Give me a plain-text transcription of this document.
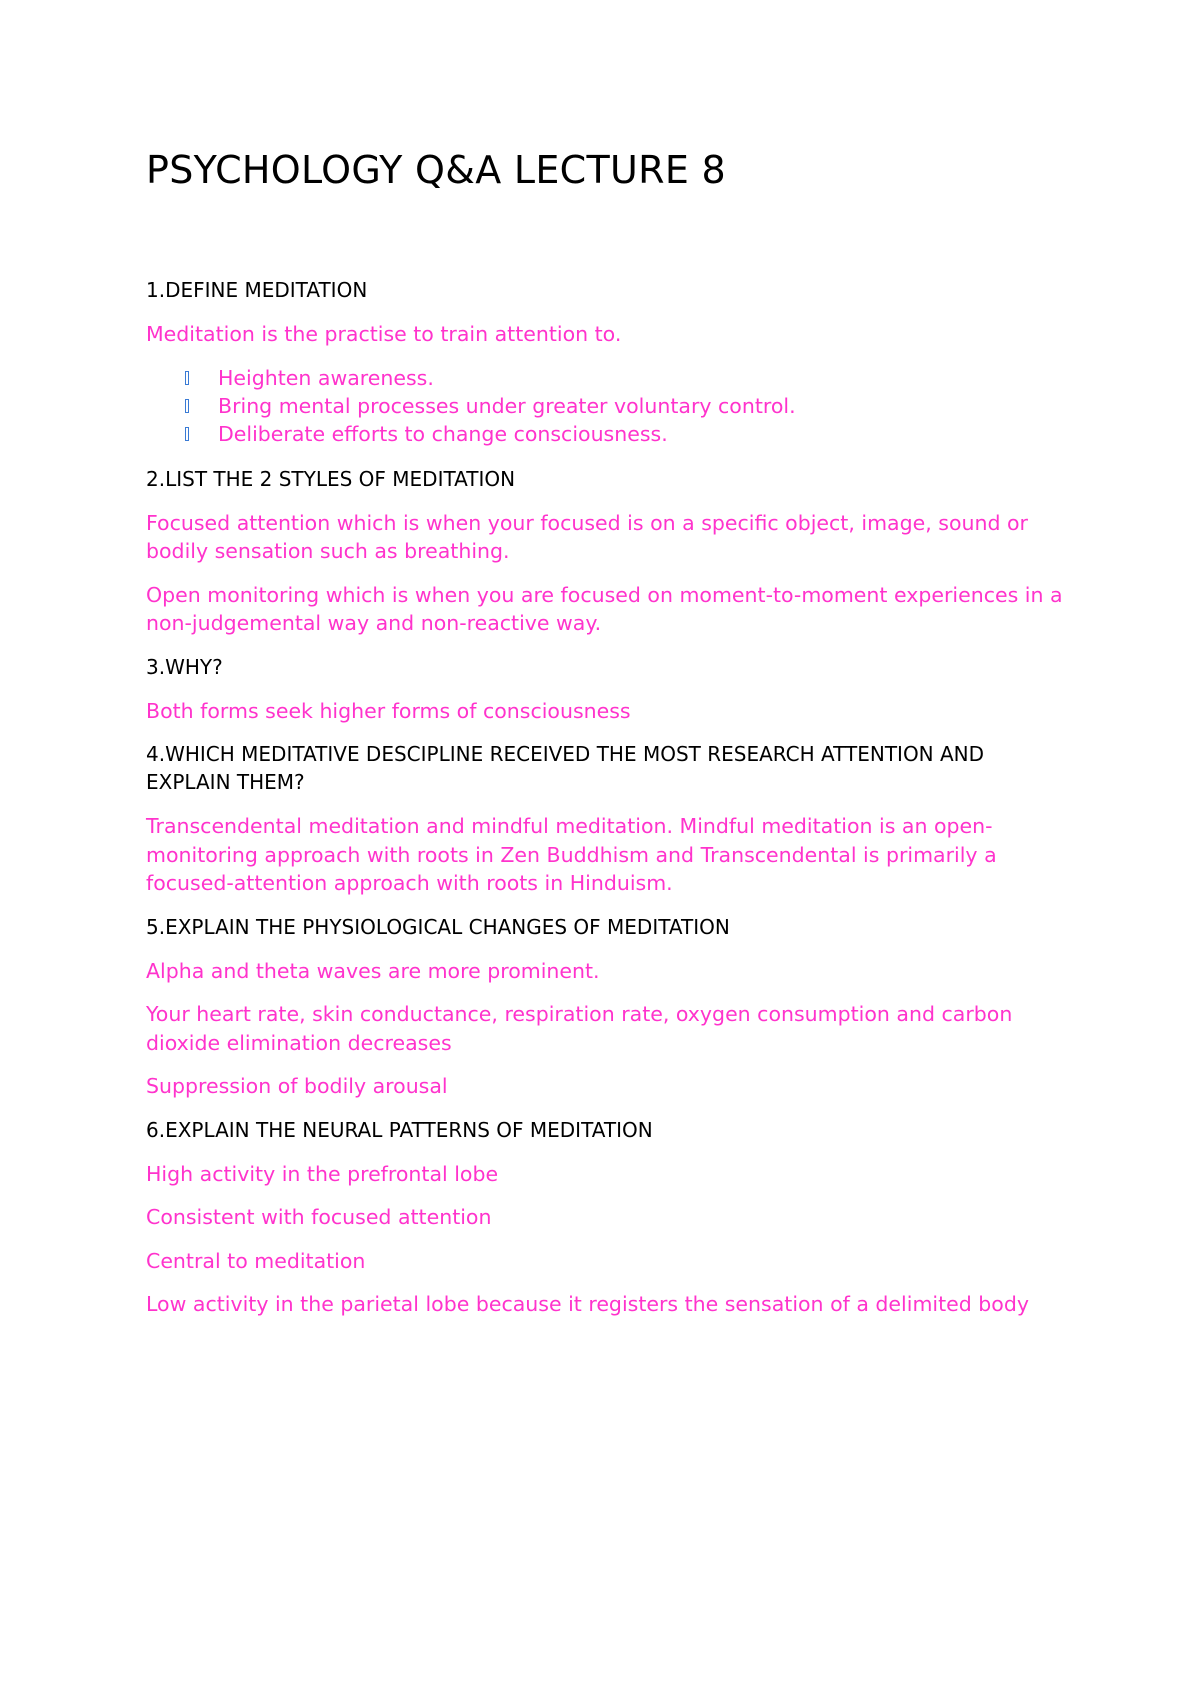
PSYCHOLOGY Q&A LECTURE 8

1.DEFINE MEDITATION

Meditation is the practise to train attention to.

Heighten awareness.
Bring mental processes under greater voluntary control.
Deliberate efforts to change consciousness.

2.LIST THE 2 STYLES OF MEDITATION

Focused attention which is when your focused is on a specific object, image, sound or bodily sensation such as breathing.

Open monitoring which is when you are focused on moment-to-moment experiences in a non-judgemental way and non-reactive way.

3.WHY?

Both forms seek higher forms of consciousness

4.WHICH MEDITATIVE DESCIPLINE RECEIVED THE MOST RESEARCH ATTENTION AND EXPLAIN THEM?

Transcendental meditation and mindful meditation. Mindful meditation is an open-monitoring approach with roots in Zen Buddhism and Transcendental is primarily a focused-attention approach with roots in Hinduism.

5.EXPLAIN THE PHYSIOLOGICAL CHANGES OF MEDITATION

Alpha and theta waves are more prominent.

Your heart rate, skin conductance, respiration rate, oxygen consumption and carbon dioxide elimination decreases

Suppression of bodily arousal

6.EXPLAIN THE NEURAL PATTERNS OF MEDITATION

High activity in the prefrontal lobe

Consistent with focused attention

Central to meditation

Low activity in the parietal lobe because it registers the sensation of a delimited body
